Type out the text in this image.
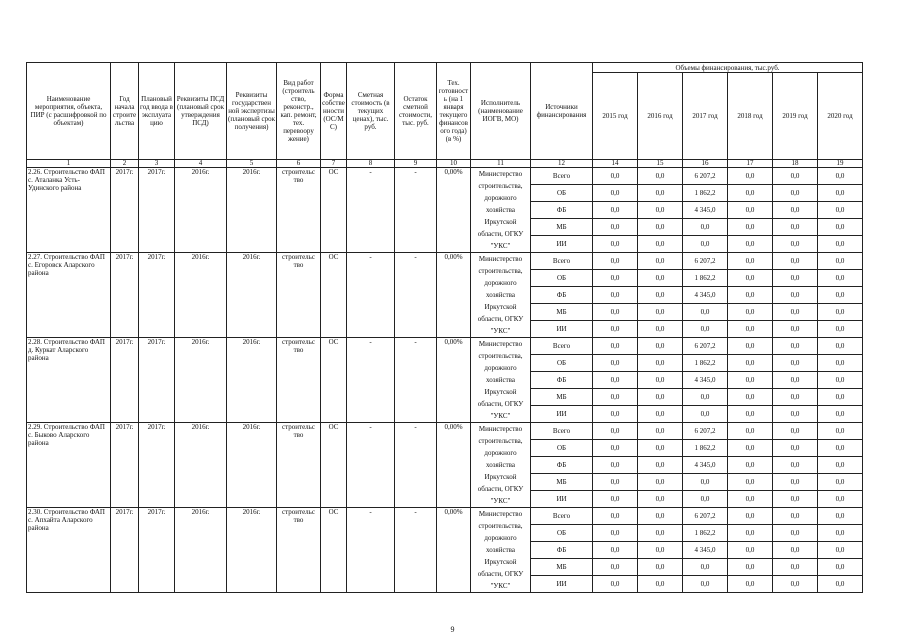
Наименование мероприятия, объекта, ПИР (с расшифровкой по объектам)	Год начала строите льства	Плановый год ввода в эксплуата цию	Реквизиты ПСД (плановый срок утверждения ПСД)	Реквизиты государствен ной экспертизы (плановый срок получения)	Вид работ (строитель ство, реконстр., кап. ремонт, тех. перевоору жение)	Форма собстве нности (ОС/М С)	Сметная стоимость (в текущих ценах), тыс. руб.	Остаток сметной стоимости, тыс. руб.	Тех. готовност ь (на 1 января текущего финансов ого года) (в %)	Исполнитель (наименование ИОГВ, МО)	Источники финансирования	Объемы финансирования, тыс.руб.					
												2015 год	2016 год	2017 год	2018 год	2019 год	2020 год
1	2	3	4	5	6	7	8	9	10	11	12	14	15	16	17	18	19
2.26. Строительство ФАП с. Аталанка Усть-Удинского района	2017г.	2017г.	2016г.	2016г.	строительс тво	ОС	-	-	0,00%	Министерство строительства, дорожного хозяйства Иркутской области, ОГКУ "УКС"	Всего	0,0	0,0	6 207,2	0,0	0,0	0,0
											ОБ	0,0	0,0	1 862,2	0,0	0,0	0,0
											ФБ	0,0	0,0	4 345,0	0,0	0,0	0,0
											МБ	0,0	0,0	0,0	0,0	0,0	0,0
											ИИ	0,0	0,0	0,0	0,0	0,0	0,0
2.27. Строительство ФАП с. Егоровск Аларского района	2017г.	2017г.	2016г.	2016г.	строительс тво	ОС	-	-	0,00%	Министерство строительства, дорожного хозяйства Иркутской области, ОГКУ "УКС"	Всего	0,0	0,0	6 207,2	0,0	0,0	0,0
											ОБ	0,0	0,0	1 862,2	0,0	0,0	0,0
											ФБ	0,0	0,0	4 345,0	0,0	0,0	0,0
											МБ	0,0	0,0	0,0	0,0	0,0	0,0
											ИИ	0,0	0,0	0,0	0,0	0,0	0,0
2.28. Строительство ФАП д. Куркат Аларского района	2017г.	2017г.	2016г.	2016г.	строительс тво	ОС	-	-	0,00%	Министерство строительства, дорожного хозяйства Иркутской области, ОГКУ "УКС"	Всего	0,0	0,0	6 207,2	0,0	0,0	0,0
											ОБ	0,0	0,0	1 862,2	0,0	0,0	0,0
											ФБ	0,0	0,0	4 345,0	0,0	0,0	0,0
											МБ	0,0	0,0	0,0	0,0	0,0	0,0
											ИИ	0,0	0,0	0,0	0,0	0,0	0,0
2.29. Строительство ФАП с. Быково Аларского района	2017г.	2017г.	2016г.	2016г.	строительс тво	ОС	-	-	0,00%	Министерство строительства, дорожного хозяйства Иркутской области, ОГКУ "УКС"	Всего	0,0	0,0	6 207,2	0,0	0,0	0,0
											ОБ	0,0	0,0	1 862,2	0,0	0,0	0,0
											ФБ	0,0	0,0	4 345,0	0,0	0,0	0,0
											МБ	0,0	0,0	0,0	0,0	0,0	0,0
											ИИ	0,0	0,0	0,0	0,0	0,0	0,0
2.30. Строительство ФАП с. Апхайта Аларского района	2017г.	2017г.	2016г.	2016г.	строительс тво	ОС	-	-	0,00%	Министерство строительства, дорожного хозяйства Иркутской области, ОГКУ "УКС"	Всего	0,0	0,0	6 207,2	0,0	0,0	0,0
											ОБ	0,0	0,0	1 862,2	0,0	0,0	0,0
											ФБ	0,0	0,0	4 345,0	0,0	0,0	0,0
											МБ	0,0	0,0	0,0	0,0	0,0	0,0
											ИИ	0,0	0,0	0,0	0,0	0,0	0,0
9
